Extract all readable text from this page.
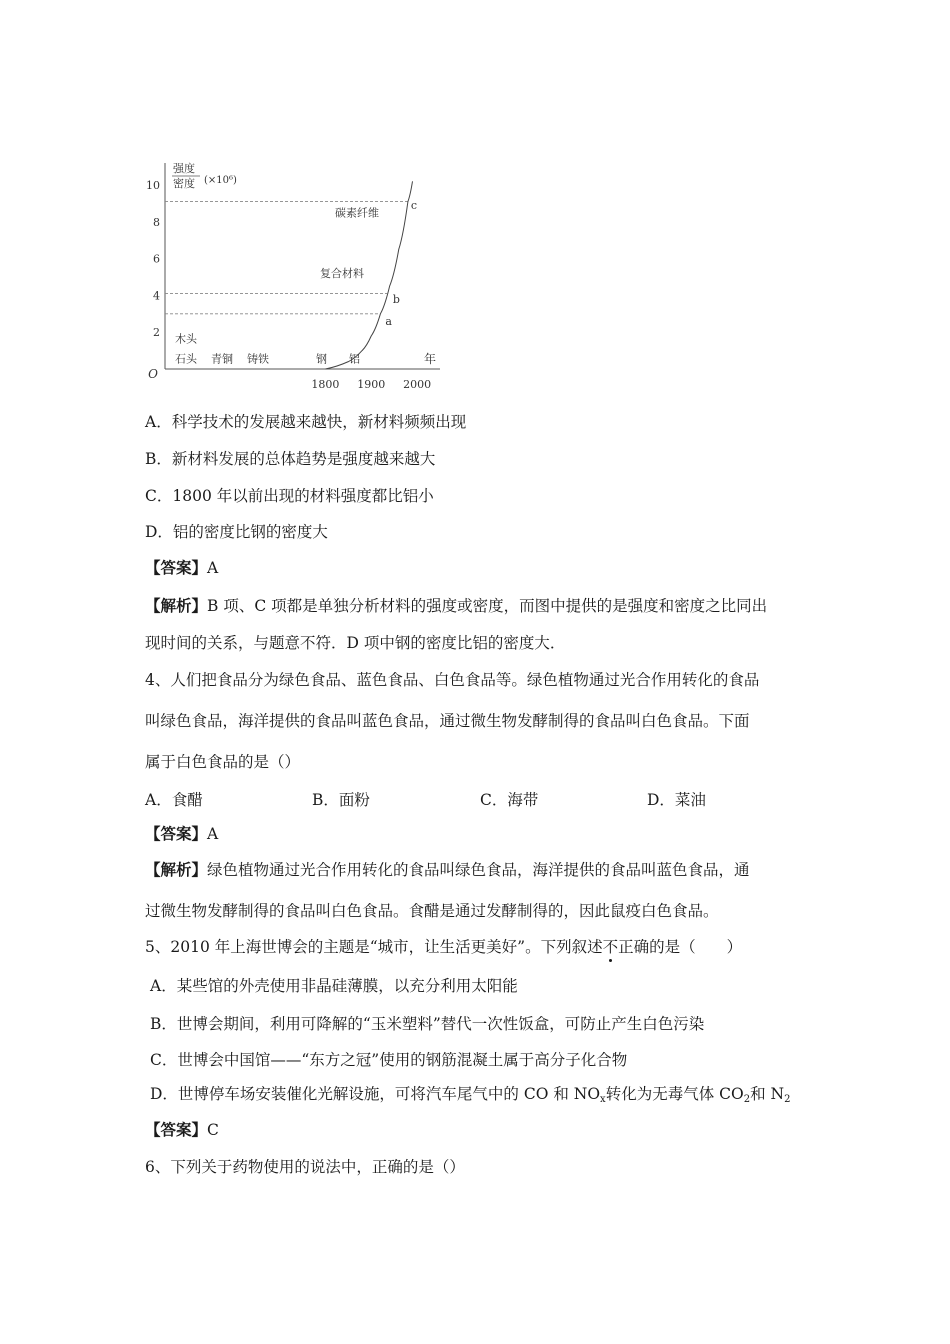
强度
密度 (×10⁶)
10
8
6
4
2
O
1800 1900 2000
年
a
b
c
碳素纤维
复合材料
木头
石头 青铜 铸铁	钢 铝
A．科学技术的发展越来越快，新材料频频出现
B．新材料发展的总体趋势是强度越来越大
C．1800 年以前出现的材料强度都比铝小
D．铝的密度比钢的密度大
【答案】A
【解析】B 项、C 项都是单独分析材料的强度或密度，而图中提供的是强度和密度之比同出
现时间的关系，与题意不符．D 项中钢的密度比铝的密度大．
4、人们把食品分为绿色食品、蓝色食品、白色食品等。绿色植物通过光合作用转化的食品
叫绿色食品，海洋提供的食品叫蓝色食品，通过微生物发酵制得的食品叫白色食品。下面
属于白色食品的是（）
A．食醋	B．面粉	C．海带	D．菜油
【答案】A
【解析】绿色植物通过光合作用转化的食品叫绿色食品，海洋提供的食品叫蓝色食品，通
过微生物发酵制得的食品叫白色食品。食醋是通过发酵制得的，因此鼠疫白色食品。
5、2010 年上海世博会的主题是“城市，让生活更美好”。下列叙述不正确的是（　　）
A．某些馆的外壳使用非晶硅薄膜，以充分利用太阳能
B．世博会期间，利用可降解的“玉米塑料”替代一次性饭盒，可防止产生白色污染
C．世博会中国馆——“东方之冠”使用的钢筋混凝土属于高分子化合物
D．世博停车场安装催化光解设施，可将汽车尾气中的 CO 和 $NO_x$转化为无毒气体 $CO_2$和 $N_2$
【答案】C
6、下列关于药物使用的说法中，正确的是（）
